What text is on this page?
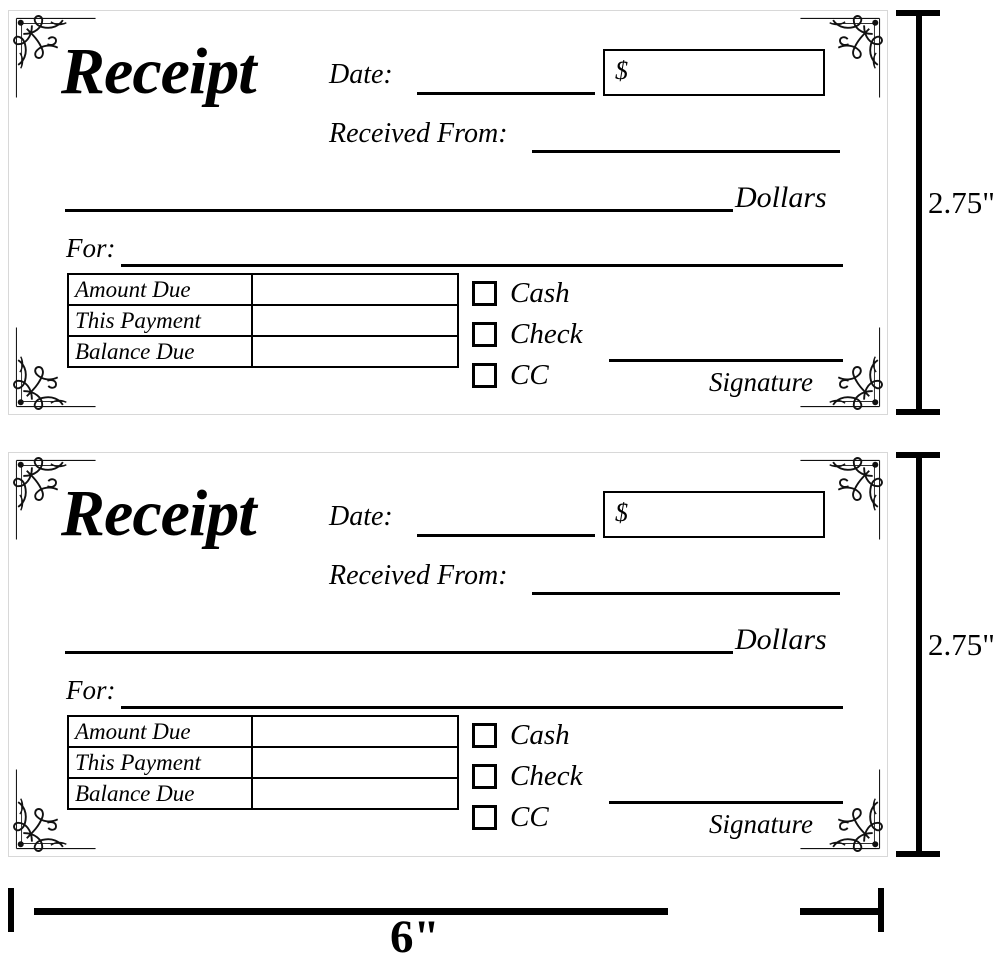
Receipt	Date:	$
Received From:
Dollars
For:
Amount Due	
This Payment	
Balance Due	
Cash
Check
CC	Signature
Receipt	Date:	$
Received From:
Dollars
For:
Amount Due	
This Payment	
Balance Due	
Cash
Check
CC	Signature
2.75"
2.75"
6"
